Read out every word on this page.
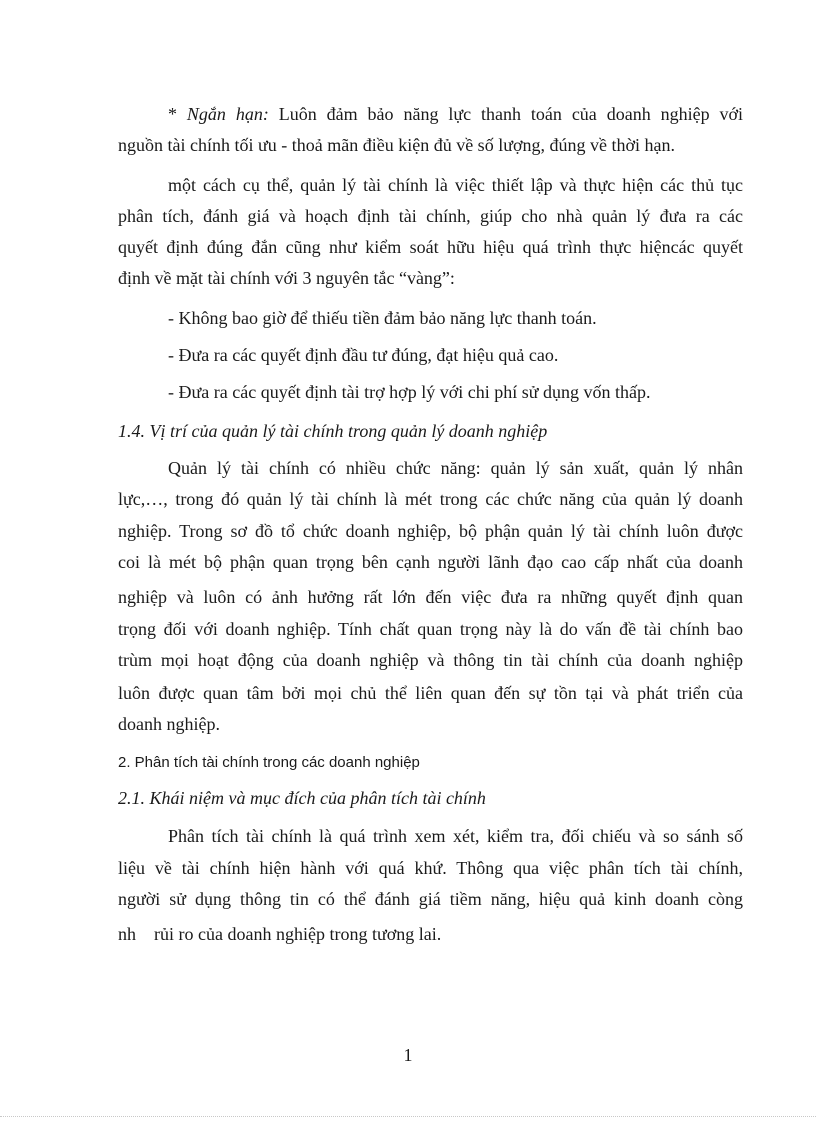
* Ngắn hạn: Luôn đảm bảo năng lực thanh toán của doanh nghiệp với
nguồn tài chính tối ưu - thoả mãn điều kiện đủ về số lượng, đúng về thời hạn.
một cách cụ thể, quản lý tài chính là việc thiết lập và thực hiện các thủ tục
phân tích, đánh giá và hoạch định tài chính, giúp cho nhà quản lý đưa ra các
quyết định đúng đắn cũng như kiểm soát hữu hiệu quá trình thực hiệncác quyết
định về mặt tài chính với 3 nguyên tắc “vàng”:
- Không bao giờ để thiếu tiền đảm bảo năng lực thanh toán.
- Đưa ra các quyết định đầu tư đúng, đạt hiệu quả cao.
- Đưa ra các quyết định tài trợ hợp lý với chi phí sử dụng vốn thấp.
1.4. Vị trí của quản lý tài chính trong quản lý doanh nghiệp
Quản lý tài chính có nhiều chức năng: quản lý sản xuất, quản lý nhân
lực,…, trong đó quản lý tài chính là mét trong các chức năng của quản lý doanh
nghiệp. Trong sơ đồ tổ chức doanh nghiệp, bộ phận quản lý tài chính luôn được
coi là mét bộ phận quan trọng bên cạnh người lãnh đạo cao cấp nhất của doanh
nghiệp và luôn có ảnh hưởng rất lớn đến việc đưa ra những quyết định quan
trọng đối với doanh nghiệp. Tính chất quan trọng này là do vấn đề tài chính bao
trùm mọi hoạt động của doanh nghiệp và thông tin tài chính của doanh nghiệp
luôn được quan tâm bởi mọi chủ thể liên quan đến sự tồn tại và phát triển của
doanh nghiệp.
2. Phân tích tài chính trong các doanh nghiệp
2.1. Khái niệm và mục đích của phân tích tài chính
Phân tích tài chính là quá trình xem xét, kiểm tra, đối chiếu và so sánh số
liệu về tài chính hiện hành với quá khứ. Thông qua việc phân tích tài chính,
người sử dụng thông tin có thể đánh giá tiềm năng, hiệu quả kinh doanh còng
nh    rủi ro của doanh nghiệp trong tương lai.
1
